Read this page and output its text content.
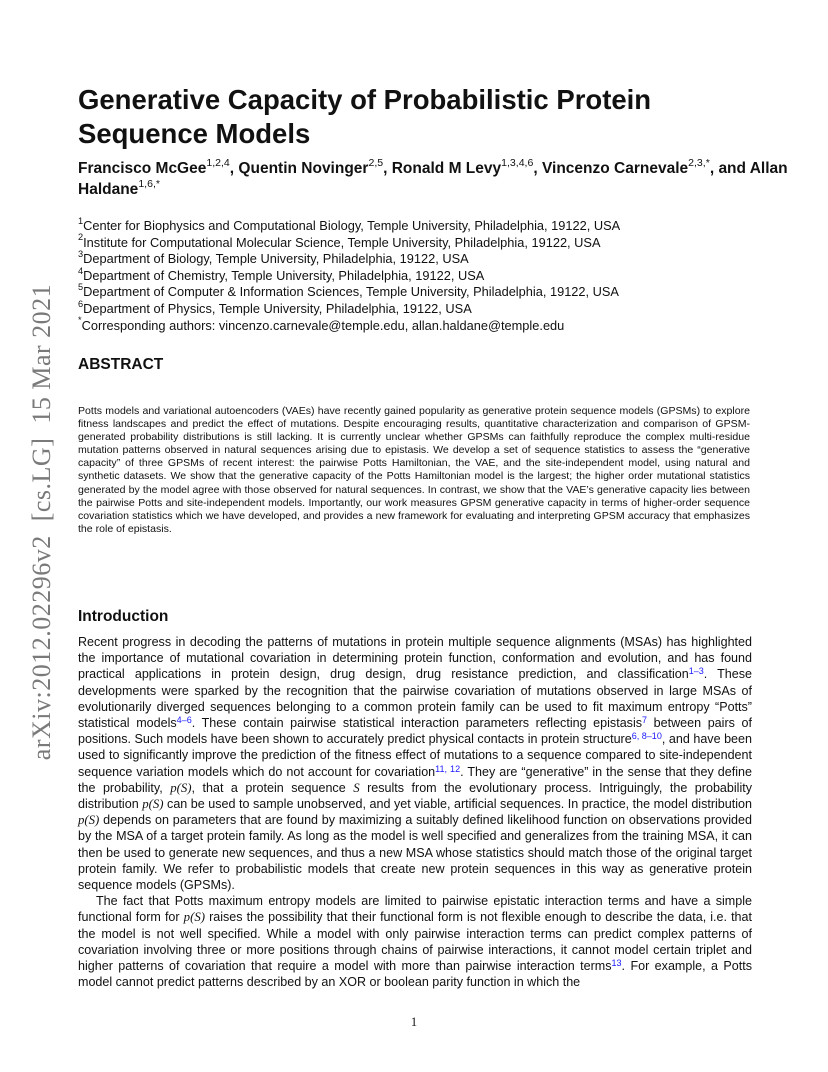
arXiv:2012.02296v2  [cs.LG]  15 Mar 2021
Generative Capacity of Probabilistic Protein Sequence Models

Francisco McGee$^{1,2,4}$, Quentin Novinger$^{2,5}$, Ronald M Levy$^{1,3,4,6}$, Vincenzo Carnevale$^{2,3,*}$, and Allan Haldane$^{1,6,*}$

$^1$Center for Biophysics and Computational Biology, Temple University, Philadelphia, 19122, USA
$^2$Institute for Computational Molecular Science, Temple University, Philadelphia, 19122, USA
$^3$Department of Biology, Temple University, Philadelphia, 19122, USA
$^4$Department of Chemistry, Temple University, Philadelphia, 19122, USA
$^5$Department of Computer & Information Sciences, Temple University, Philadelphia, 19122, USA
$^6$Department of Physics, Temple University, Philadelphia, 19122, USA
*Corresponding authors: vincenzo.carnevale@temple.edu, allan.haldane@temple.edu
ABSTRACT

Potts models and variational autoencoders (VAEs) have recently gained popularity as generative protein sequence models (GPSMs) to explore fitness landscapes and predict the effect of mutations. Despite encouraging results, quantitative characterization and comparison of GPSM-generated probability distributions is still lacking. It is currently unclear whether GPSMs can faithfully reproduce the complex multi-residue mutation patterns observed in natural sequences arising due to epistasis. We develop a set of sequence statistics to assess the “generative capacity” of three GPSMs of recent interest: the pairwise Potts Hamiltonian, the VAE, and the site-independent model, using natural and synthetic datasets. We show that the generative capacity of the Potts Hamiltonian model is the largest; the higher order mutational statistics generated by the model agree with those observed for natural sequences. In contrast, we show that the VAE’s generative capacity lies between the pairwise Potts and site-independent models. Importantly, our work measures GPSM generative capacity in terms of higher-order sequence covariation statistics which we have developed, and provides a new framework for evaluating and interpreting GPSM accuracy that emphasizes the role of epistasis.

Introduction

Recent progress in decoding the patterns of mutations in protein multiple sequence alignments (MSAs) has highlighted the importance of mutational covariation in determining protein function, conformation and evolution, and has found practical applications in protein design, drug design, drug resistance prediction, and classification$^{1-3}$. These developments were sparked by the recognition that the pairwise covariation of mutations observed in large MSAs of evolutionarily diverged sequences belonging to a common protein family can be used to fit maximum entropy “Potts” statistical models$^{4-6}$. These contain pairwise statistical interaction parameters reflecting epistasis$^7$ between pairs of positions. Such models have been shown to accurately predict physical contacts in protein structure$^{6, 8-10}$, and have been used to significantly improve the prediction of the fitness effect of mutations to a sequence compared to site-independent sequence variation models which do not account for covariation$^{11, 12}$. They are “generative” in the sense that they define the probability, p(S), that a protein sequence S results from the evolutionary process. Intriguingly, the probability distribution p(S) can be used to sample unobserved, and yet viable, artificial sequences. In practice, the model distribution p(S) depends on parameters that are found by maximizing a suitably defined likelihood function on observations provided by the MSA of a target protein family. As long as the model is well specified and generalizes from the training MSA, it can then be used to generate new sequences, and thus a new MSA whose statistics should match those of the original target protein family. We refer to probabilistic models that create new protein sequences in this way as generative protein sequence models (GPSMs).

The fact that Potts maximum entropy models are limited to pairwise epistatic interaction terms and have a simple functional form for p(S) raises the possibility that their functional form is not flexible enough to describe the data, i.e. that the model is not well specified. While a model with only pairwise interaction terms can predict complex patterns of covariation involving three or more positions through chains of pairwise interactions, it cannot model certain triplet and higher patterns of covariation that require a model with more than pairwise interaction terms$^{13}$. For example, a Potts model cannot predict patterns described by an XOR or boolean parity function in which the

1
